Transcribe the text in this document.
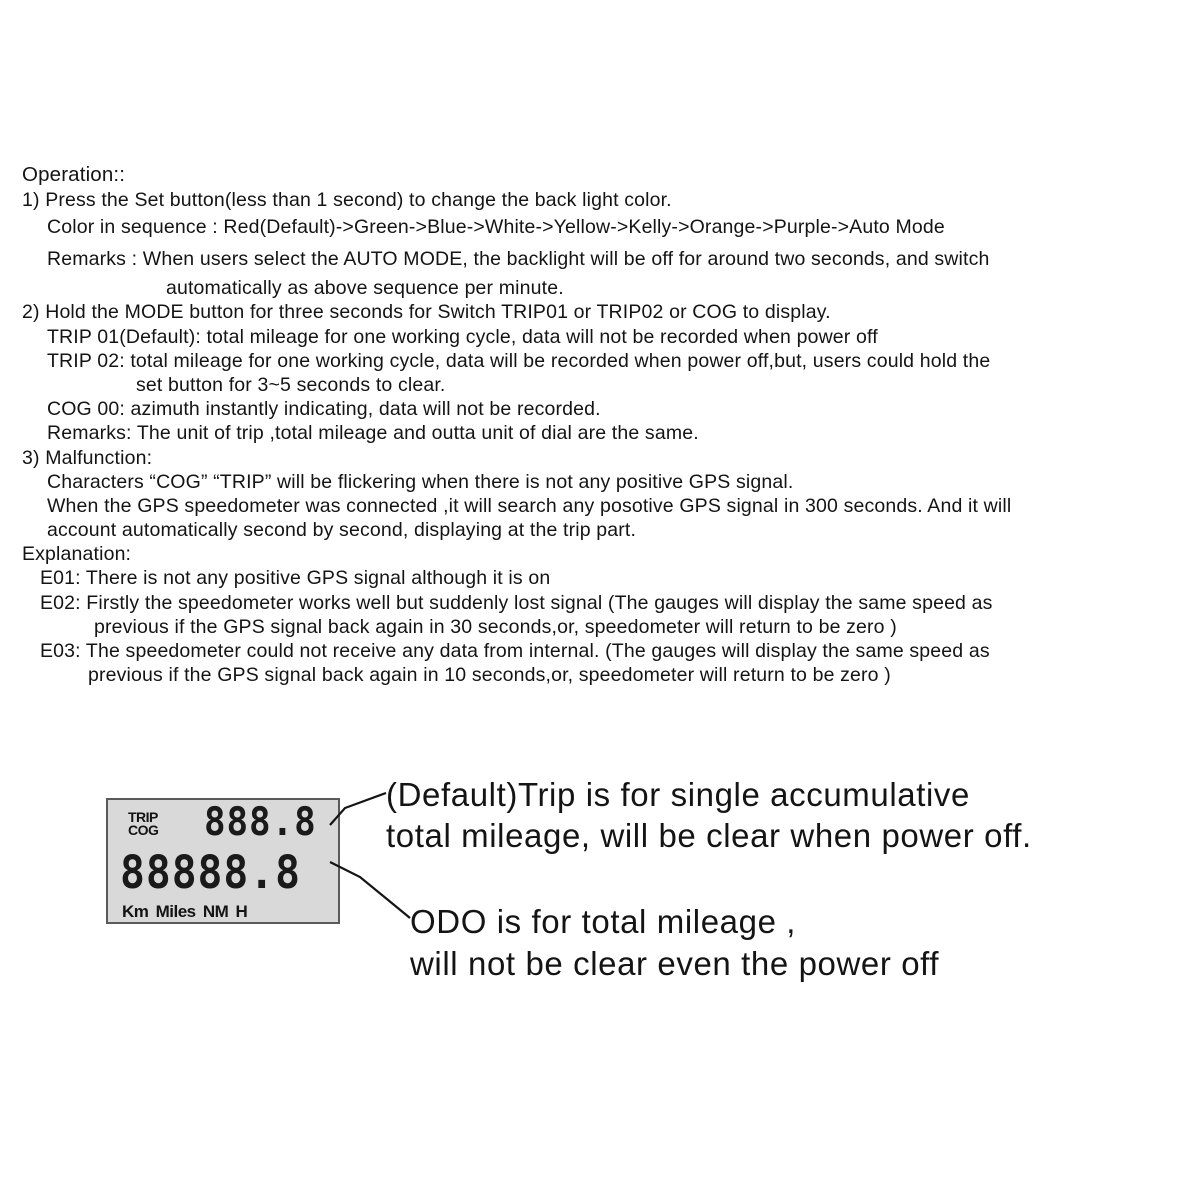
Operation::
1) Press the Set button(less than 1 second) to change the back light color.
Color in sequence : Red(Default)->Green->Blue->White->Yellow->Kelly->Orange->Purple->Auto Mode
Remarks : When users select the AUTO MODE, the backlight will be off for around two seconds, and switch
automatically as above sequence per minute.
2) Hold the MODE button for three seconds for Switch TRIP01 or TRIP02 or COG to display.
TRIP 01(Default): total mileage for one working cycle, data will not be recorded when power off
TRIP 02: total mileage for one working cycle, data will be recorded when power off,but, users could hold the
set button for 3~5 seconds to clear.
COG 00: azimuth instantly indicating, data will not be recorded.
Remarks: The unit of trip ,total mileage and outta unit of dial are the same.
3) Malfunction:
Characters “COG” “TRIP” will be flickering when there is not any positive GPS signal.
When the GPS speedometer was connected ,it will search any posotive GPS signal in 300 seconds. And it will
account automatically second by second, displaying at the trip part.
Explanation:
E01: There is not any positive GPS signal although it is on
E02: Firstly the speedometer works well but suddenly lost signal (The gauges will display the same speed as
previous if the GPS signal back again in 30 seconds,or, speedometer will return to be zero )
E03: The speedometer could not receive any data from internal. (The gauges will display the same speed as
previous if the GPS signal back again in 10 seconds,or, speedometer will return to be zero )
TRIP
COG 888.8
88888.8
Km Miles NM H
(Default)Trip is for single accumulative
total mileage, will be clear when power off.
ODO is for total mileage ,
will not be clear even the power off
